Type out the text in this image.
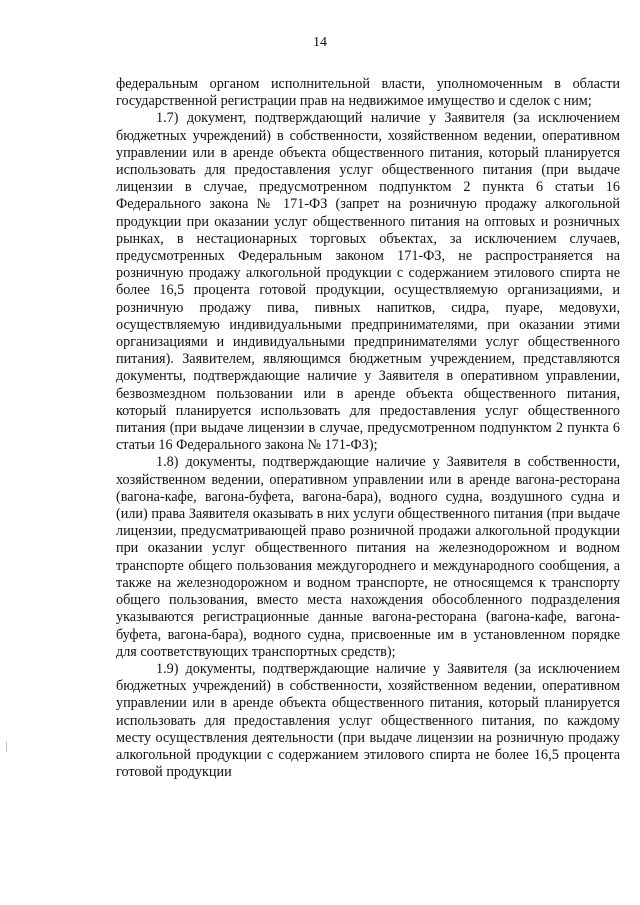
14

федеральным органом исполнительной власти, уполномоченным в области государственной регистрации прав на недвижимое имущество и сделок с ним;

1.7) документ, подтверждающий наличие у Заявителя (за исключением бюджетных учреждений) в собственности, хозяйственном ведении, оперативном управлении или в аренде объекта общественного питания, который планируется использовать для предоставления услуг общественного питания (при выдаче лицензии в случае, предусмотренном подпунктом 2 пункта 6 статьи 16 Федерального закона № 171-ФЗ (запрет на розничную продажу алкогольной продукции при оказании услуг общественного питания на оптовых и розничных рынках, в нестационарных торговых объектах, за исключением случаев, предусмотренных Федеральным законом 171-ФЗ, не распространяется на розничную продажу алкогольной продукции с содержанием этилового спирта не более 16,5 процента готовой продукции, осуществляемую организациями, и розничную продажу пива, пивных напитков, сидра, пуаре, медовухи, осуществляемую индивидуальными предпринимателями, при оказании этими организациями и индивидуальными предпринимателями услуг общественного питания). Заявителем, являющимся бюджетным учреждением, представляются документы, подтверждающие наличие у Заявителя в оперативном управлении, безвозмездном пользовании или в аренде объекта общественного питания, который планируется использовать для предоставления услуг общественного питания (при выдаче лицензии в случае, предусмотренном подпунктом 2 пункта 6 статьи 16 Федерального закона № 171-ФЗ);

1.8) документы, подтверждающие наличие у Заявителя в собственности, хозяйственном ведении, оперативном управлении или в аренде вагона-ресторана (вагона-кафе, вагона-буфета, вагона-бара), водного судна, воздушного судна и (или) права Заявителя оказывать в них услуги общественного питания (при выдаче лицензии, предусматривающей право розничной продажи алкогольной продукции при оказании услуг общественного питания на железнодорожном и водном транспорте общего пользования междугороднего и международного сообщения, а также на железнодорожном и водном транспорте, не относящемся к транспорту общего пользования, вместо места нахождения обособленного подразделения указываются регистрационные данные вагона-ресторана (вагона-кафе, вагона-буфета, вагона-бара), водного судна, присвоенные им в установленном порядке для соответствующих транспортных средств);

1.9) документы, подтверждающие наличие у Заявителя (за исключением бюджетных учреждений) в собственности, хозяйственном ведении, оперативном управлении или в аренде объекта общественного питания, который планируется использовать для предоставления услуг общественного питания, по каждому месту осуществления деятельности (при выдаче лицензии на розничную продажу алкогольной продукции с содержанием этилового спирта не более 16,5 процента готовой продукции
